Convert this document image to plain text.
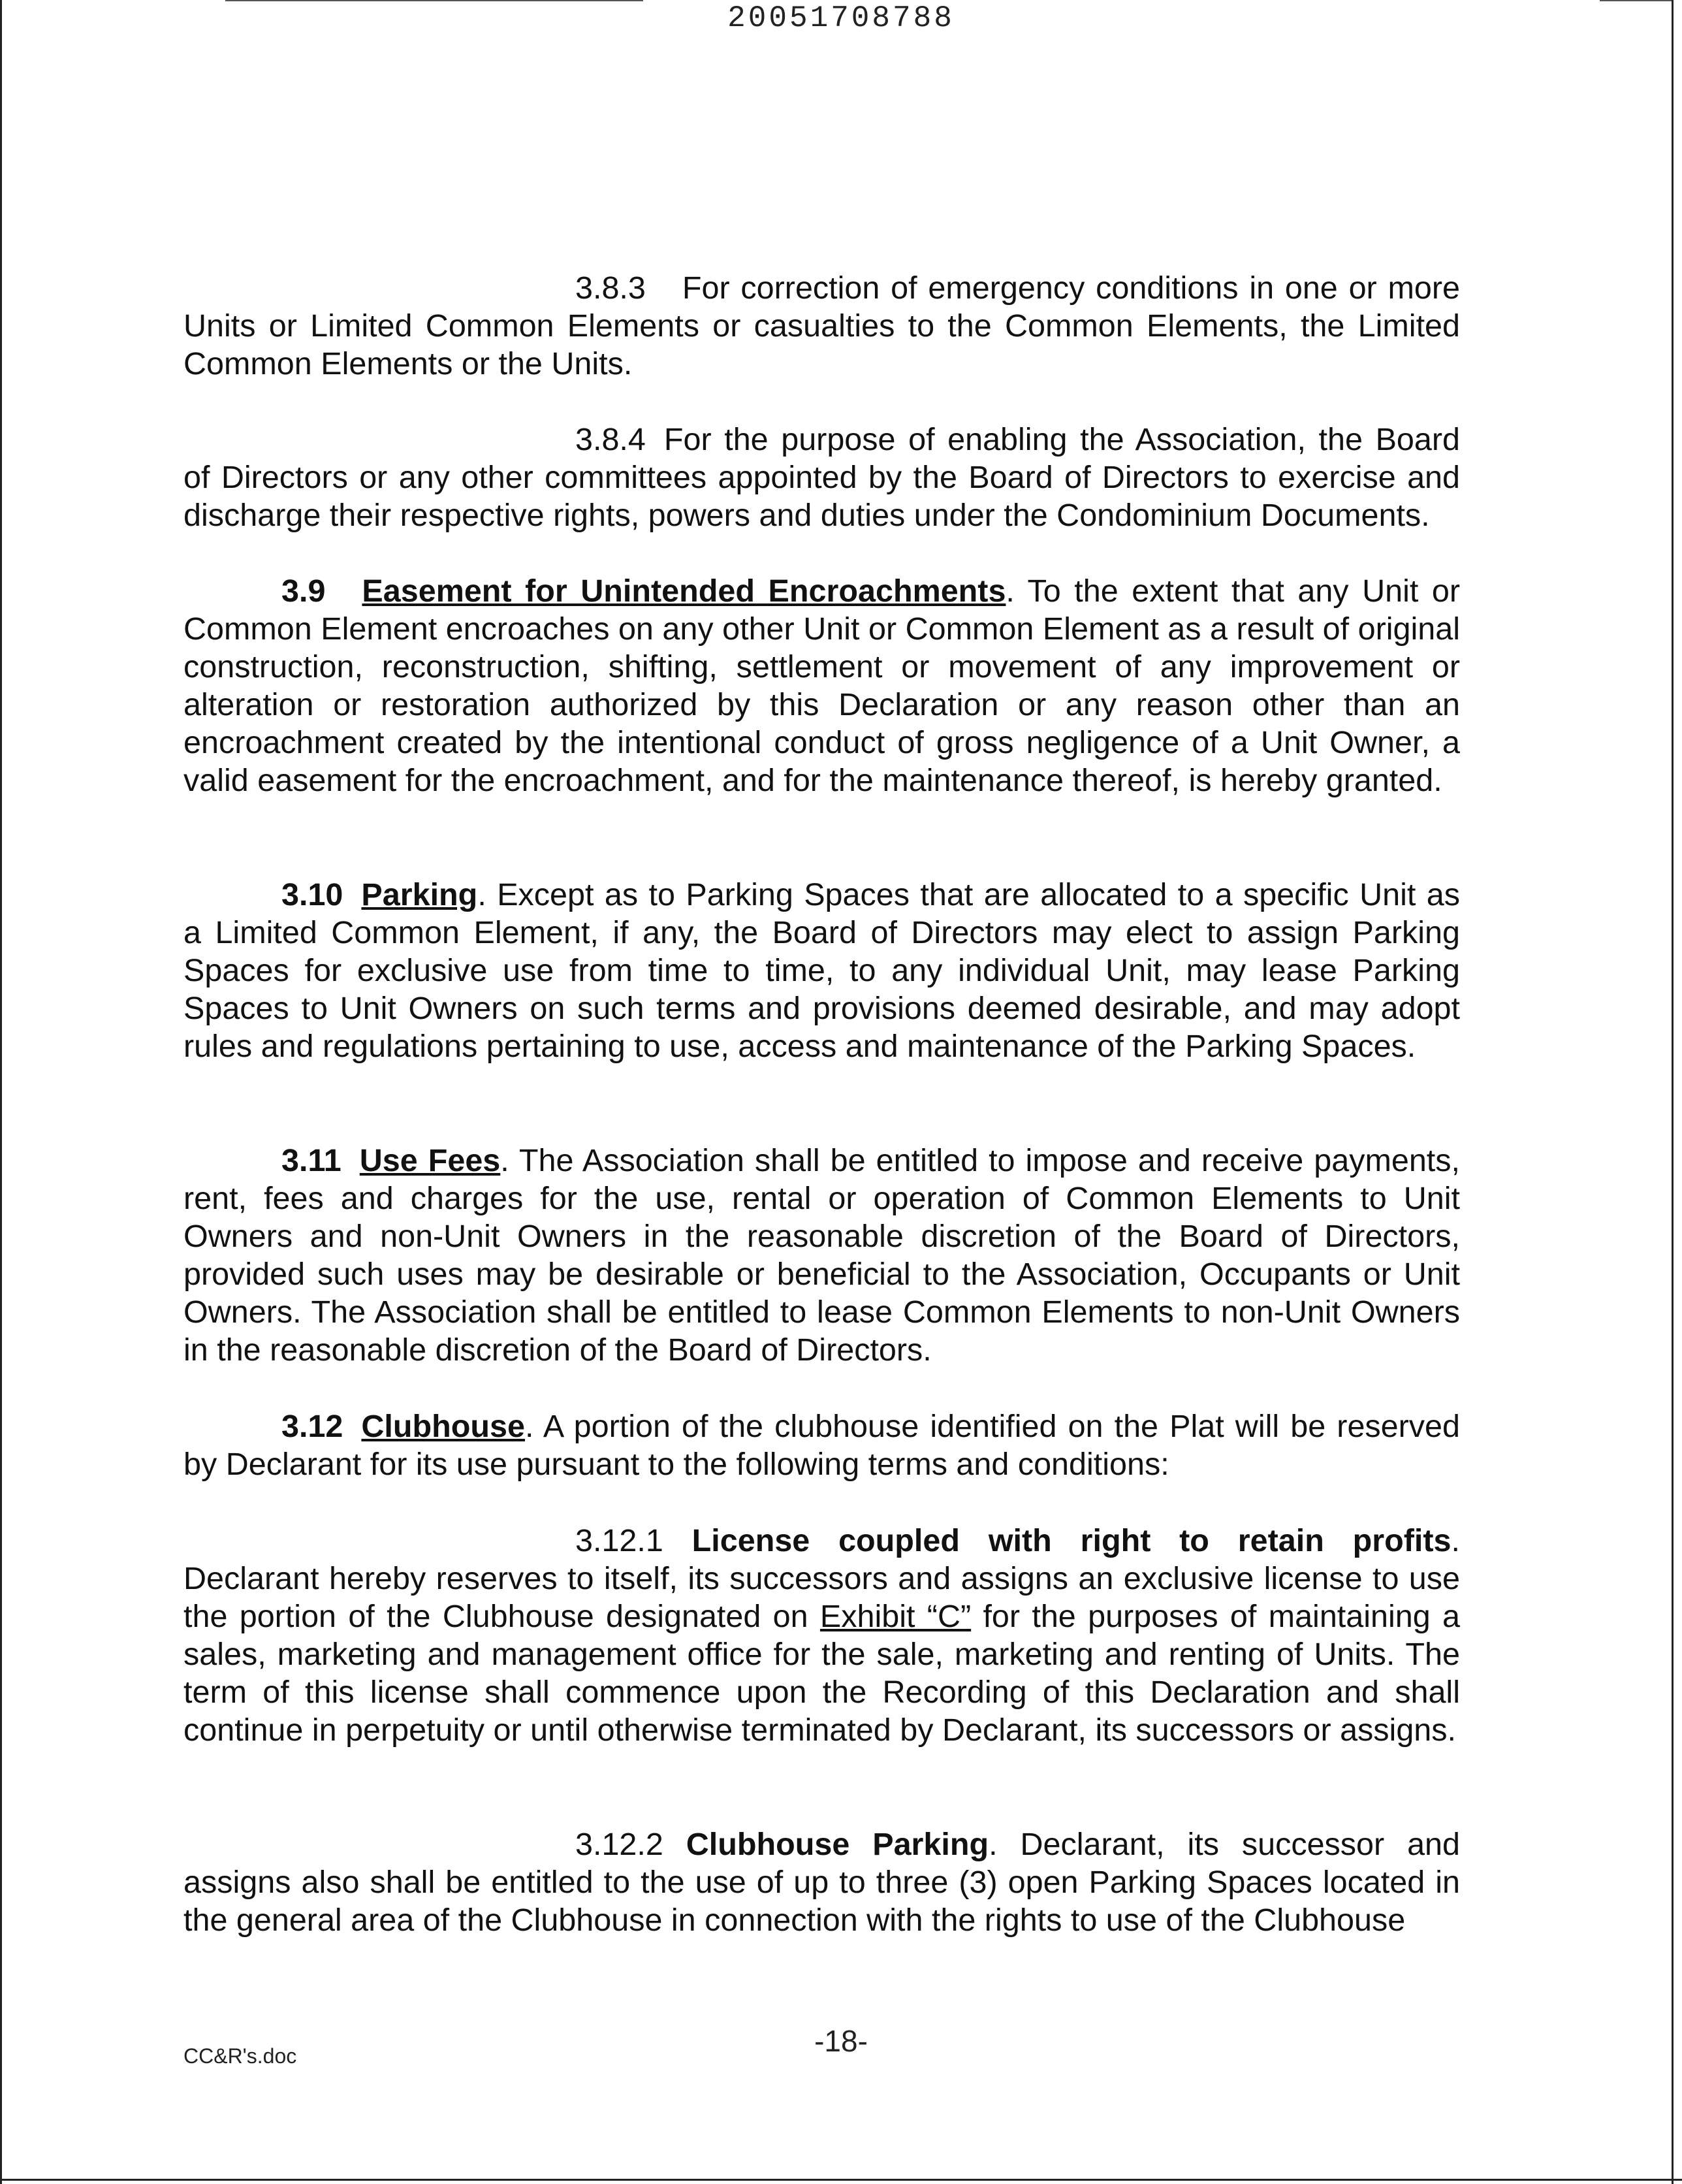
20051708788

3.8.3 For correction of emergency conditions in one or more Units or Limited Common Elements or casualties to the Common Elements, the Limited Common Elements or the Units.

3.8.4 For the purpose of enabling the Association, the Board of Directors or any other committees appointed by the Board of Directors to exercise and discharge their respective rights, powers and duties under the Condominium Documents.

3.9 Easement for Unintended Encroachments. To the extent that any Unit or Common Element encroaches on any other Unit or Common Element as a result of original construction, reconstruction, shifting, settlement or movement of any improvement or alteration or restoration authorized by this Declaration or any reason other than an encroachment created by the intentional conduct of gross negligence of a Unit Owner, a valid easement for the encroachment, and for the maintenance thereof, is hereby granted.

3.10 Parking. Except as to Parking Spaces that are allocated to a specific Unit as a Limited Common Element, if any, the Board of Directors may elect to assign Parking Spaces for exclusive use from time to time, to any individual Unit, may lease Parking Spaces to Unit Owners on such terms and provisions deemed desirable, and may adopt rules and regulations pertaining to use, access and maintenance of the Parking Spaces.

3.11 Use Fees. The Association shall be entitled to impose and receive payments, rent, fees and charges for the use, rental or operation of Common Elements to Unit Owners and non-Unit Owners in the reasonable discretion of the Board of Directors, provided such uses may be desirable or beneficial to the Association, Occupants or Unit Owners. The Association shall be entitled to lease Common Elements to non-Unit Owners in the reasonable discretion of the Board of Directors.

3.12 Clubhouse. A portion of the clubhouse identified on the Plat will be reserved by Declarant for its use pursuant to the following terms and conditions:

3.12.1 License coupled with right to retain profits. Declarant hereby reserves to itself, its successors and assigns an exclusive license to use the portion of the Clubhouse designated on Exhibit “C” for the purposes of maintaining a sales, marketing and management office for the sale, marketing and renting of Units. The term of this license shall commence upon the Recording of this Declaration and shall continue in perpetuity or until otherwise terminated by Declarant, its successors or assigns.

3.12.2 Clubhouse Parking. Declarant, its successor and assigns also shall be entitled to the use of up to three (3) open Parking Spaces located in the general area of the Clubhouse in connection with the rights to use of the Clubhouse

-18-
CC&R's.doc
